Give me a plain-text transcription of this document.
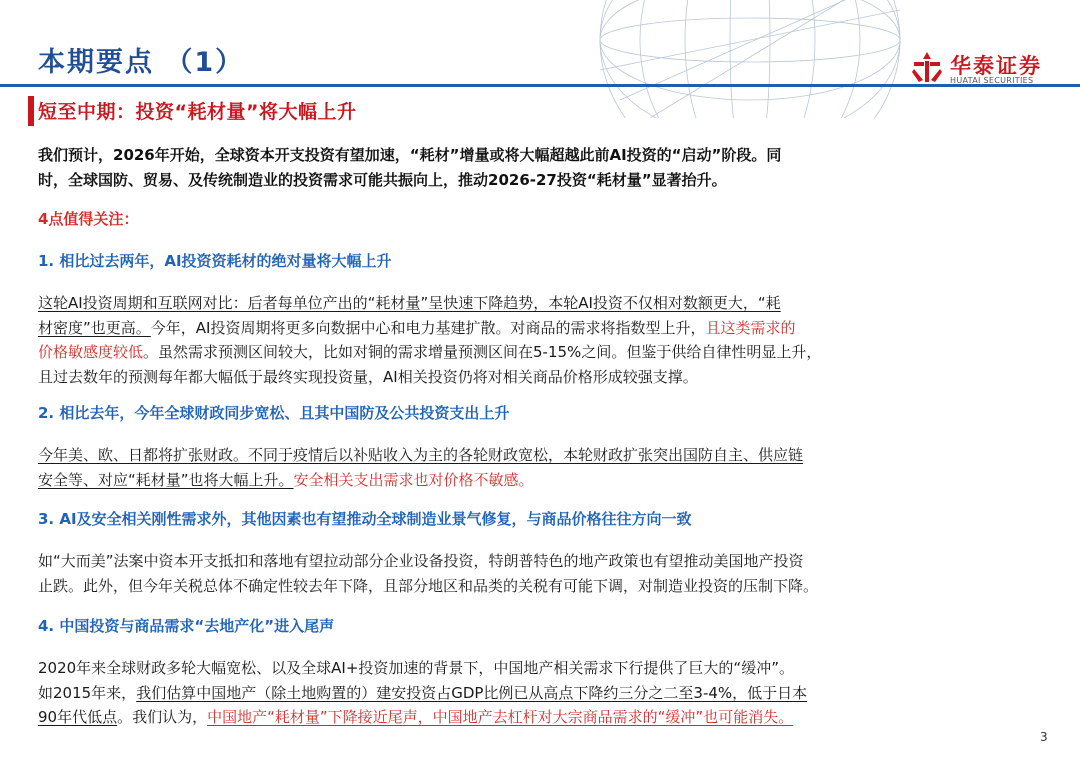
本期要点 （1）	华泰证券
HUATAI SECURITIES
短至中期：投资“耗材量”将大幅上升
我们预计，2026年开始，全球资本开支投资有望加速，“耗材”增量或将大幅超越此前AI投资的“启动”阶段。同
时，全球国防、贸易、及传统制造业的投资需求可能共振向上，推动2026-27投资“耗材量”显著抬升。
4点值得关注：
1. 相比过去两年，AI投资资耗材的绝对量将大幅上升
这轮AI投资周期和互联网对比：后者每单位产出的“耗材量”呈快速下降趋势，本轮AI投资不仅相对数额更大，“耗
材密度”也更高。今年，AI投资周期将更多向数据中心和电力基建扩散。对商品的需求将指数型上升，且这类需求的
价格敏感度较低。虽然需求预测区间较大，比如对铜的需求增量预测区间在5-15%之间。但鉴于供给自律性明显上升，
且过去数年的预测每年都大幅低于最终实现投资量，AI相关投资仍将对相关商品价格形成较强支撑。
2. 相比去年，今年全球财政同步宽松、且其中国防及公共投资支出上升
今年美、欧、日都将扩张财政。不同于疫情后以补贴收入为主的各轮财政宽松，本轮财政扩张突出国防自主、供应链
安全等、对应“耗材量”也将大幅上升。安全相关支出需求也对价格不敏感。
3. AI及安全相关刚性需求外，其他因素也有望推动全球制造业景气修复，与商品价格往往方向一致
如“大而美”法案中资本开支抵扣和落地有望拉动部分企业设备投资，特朗普特色的地产政策也有望推动美国地产投资
止跌。此外，但今年关税总体不确定性较去年下降，且部分地区和品类的关税有可能下调，对制造业投资的压制下降。
4. 中国投资与商品需求“去地产化”进入尾声
2020年来全球财政多轮大幅宽松、以及全球AI+投资加速的背景下，中国地产相关需求下行提供了巨大的“缓冲”。
如2015年来，我们估算中国地产（除土地购置的）建安投资占GDP比例已从高点下降约三分之二至3-4%，低于日本
90年代低点。我们认为，中国地产“耗材量”下降接近尾声，中国地产去杠杆对大宗商品需求的“缓冲”也可能消失。
3
